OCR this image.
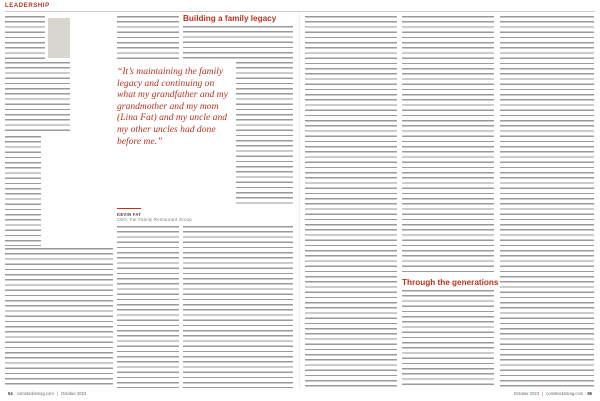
LEADERSHIP
Building a family legacy
“It’s maintaining the family legacy and continuing on what my grandfather and my grandmother and my mom (Lina Fat) and my uncle and my other uncles had done before me.”
KEVIN FAT
CEO, Fat Family Restaurant Group
Through the generations
54 comstocksmag.com | October 2023	October 2023 | comstocksmag.com 55
